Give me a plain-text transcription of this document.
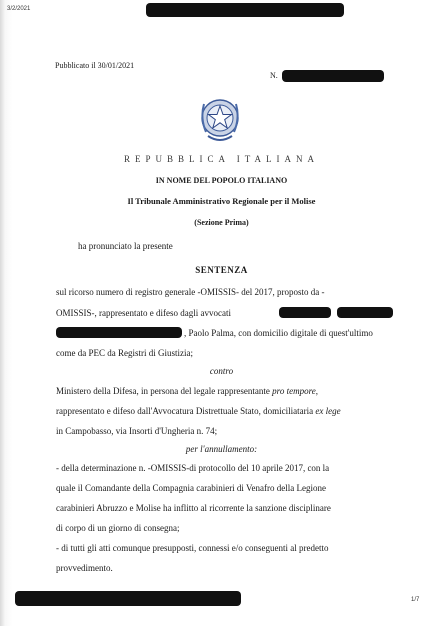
3/2/2021
Pubblicato il 30/01/2021
N.
REPUBBLICA ITALIANA
IN NOME DEL POPOLO ITALIANO
Il Tribunale Amministrativo Regionale per il Molise
(Sezione Prima)
ha pronunciato la presente
SENTENZA
sul ricorso numero di registro generale -OMISSIS- del 2017, proposto da -
OMISSIS-, rappresentato e difeso dagli avvocati
, Paolo Palma, con domicilio digitale di quest'ultimo
come da PEC da Registri di Giustizia;
contro
Ministero della Difesa, in persona del legale rappresentante pro tempore,
rappresentato e difeso dall'Avvocatura Distrettuale Stato, domiciliataria ex lege
in Campobasso, via Insorti d'Ungheria n. 74;
per l'annullamento:
- della determinazione n. -OMISSIS-di protocollo del 10 aprile 2017, con la
quale il Comandante della Compagnia carabinieri di Venafro della Legione
carabinieri Abruzzo e Molise ha inflitto al ricorrente la sanzione disciplinare
di corpo di un giorno di consegna;
- di tutti gli atti comunque presupposti, connessi e/o conseguenti al predetto
provvedimento.
1/7
